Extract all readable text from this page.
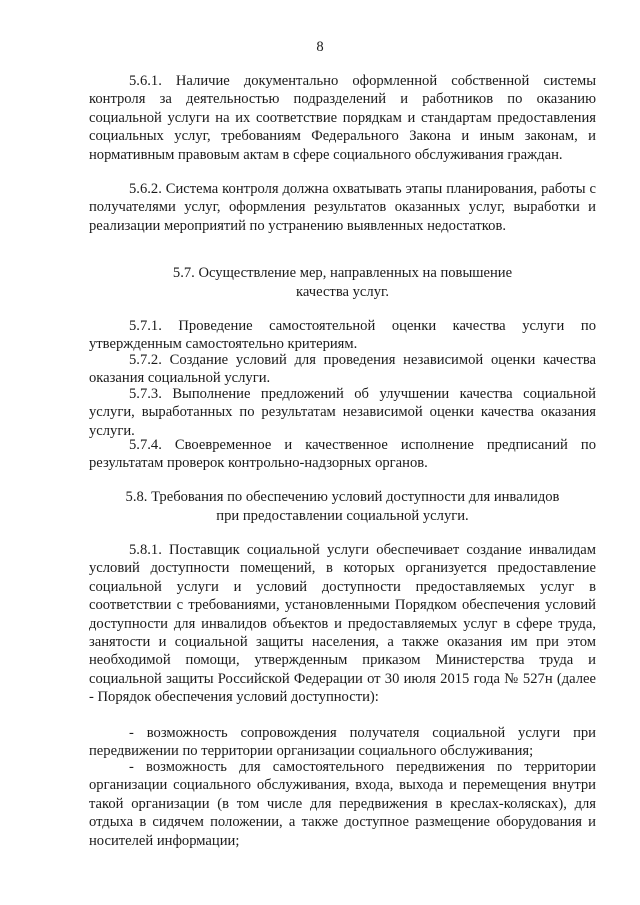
8

5.6.1. Наличие документально оформленной собственной системы контроля за деятельностью подразделений и работников по оказанию социальной услуги на их соответствие порядкам и стандартам предоставления социальных услуг, требованиям Федерального Закона и иным законам, и нормативным правовым актам в сфере социального обслуживания граждан.

5.6.2. Система контроля должна охватывать этапы планирования, работы с получателями услуг, оформления результатов оказанных услуг, выработки и реализации мероприятий по устранению выявленных недостатков.

5.7. Осуществление мер, направленных на повышение

качества услуг.

5.7.1. Проведение самостоятельной оценки качества услуги по утвержденным самостоятельно критериям.

5.7.2. Создание условий для проведения независимой оценки качества оказания социальной услуги.

5.7.3. Выполнение предложений об улучшении качества социальной услуги, выработанных по результатам независимой оценки качества оказания услуги.

5.7.4. Своевременное и качественное исполнение предписаний по результатам проверок контрольно-надзорных органов.

5.8. Требования по обеспечению условий доступности для инвалидов

при предоставлении социальной услуги.

5.8.1. Поставщик социальной услуги обеспечивает создание инвалидам условий доступности помещений, в которых организуется предоставление социальной услуги и условий доступности предоставляемых услуг в соответствии с требованиями, установленными Порядком обеспечения условий доступности для инвалидов объектов и предоставляемых услуг в сфере труда, занятости и социальной защиты населения, а также оказания им при этом необходимой помощи, утвержденным приказом Министерства труда и социальной защиты Российской Федерации от 30 июля 2015 года № 527н (далее - Порядок обеспечения условий доступности):

- возможность сопровождения получателя социальной услуги при передвижении по территории организации социального обслуживания;

- возможность для самостоятельного передвижения по территории организации социального обслуживания, входа, выхода и перемещения внутри такой организации (в том числе для передвижения в креслах-колясках), для отдыха в сидячем положении, а также доступное размещение оборудования и носителей информации;
